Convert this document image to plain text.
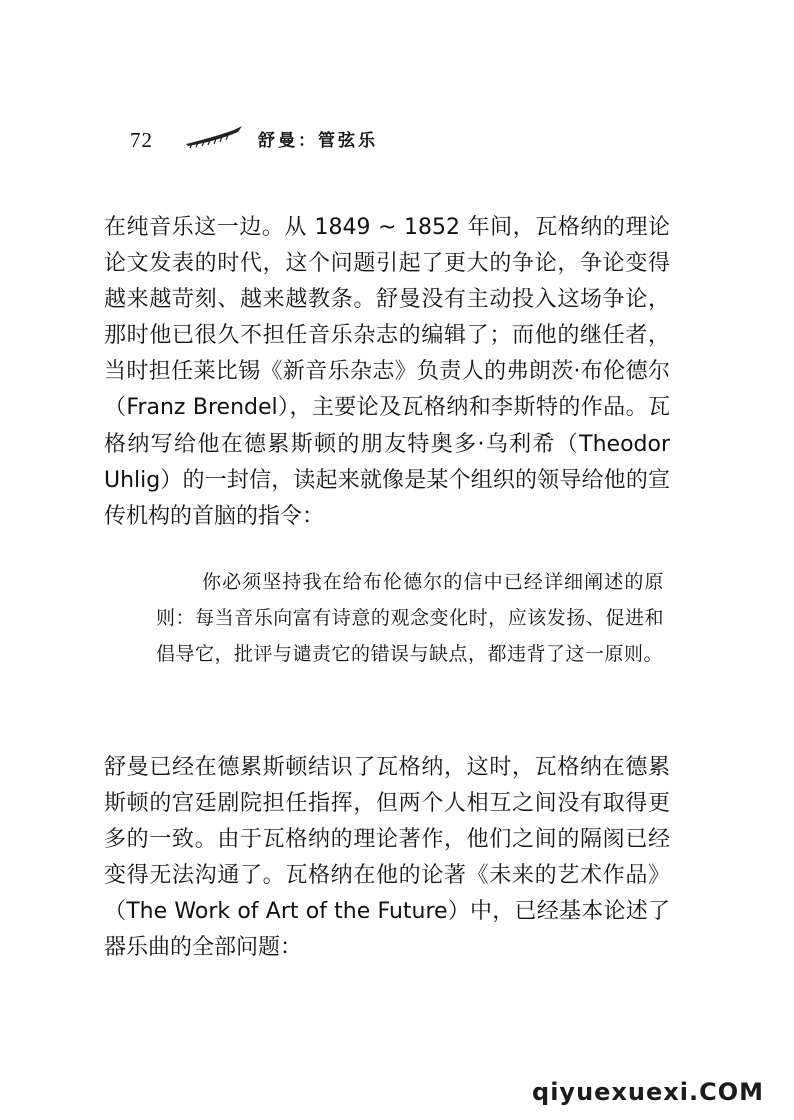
72	舒曼：管弦乐

在纯音乐这一边。从 1849 ~ 1852 年间，瓦格纳的理论论文发表的时代，这个问题引起了更大的争论，争论变得越来越苛刻、越来越教条。舒曼没有主动投入这场争论，那时他已很久不担任音乐杂志的编辑了；而他的继任者，当时担任莱比锡《新音乐杂志》负责人的弗朗茨·布伦德尔（Franz Brendel），主要论及瓦格纳和李斯特的作品。瓦格纳写给他在德累斯顿的朋友特奥多·乌利希（Theodor Uhlig）的一封信，读起来就像是某个组织的领导给他的宣传机构的首脑的指令：

你必须坚持我在给布伦德尔的信中已经详细阐述的原则：每当音乐向富有诗意的观念变化时，应该发扬、促进和倡导它，批评与谴责它的错误与缺点，都违背了这一原则。

舒曼已经在德累斯顿结识了瓦格纳，这时，瓦格纳在德累斯顿的宫廷剧院担任指挥，但两个人相互之间没有取得更多的一致。由于瓦格纳的理论著作，他们之间的隔阂已经变得无法沟通了。瓦格纳在他的论著《未来的艺术作品》（The Work of Art of the Future）中，已经基本论述了器乐曲的全部问题：

qiyuexuexi.COM
